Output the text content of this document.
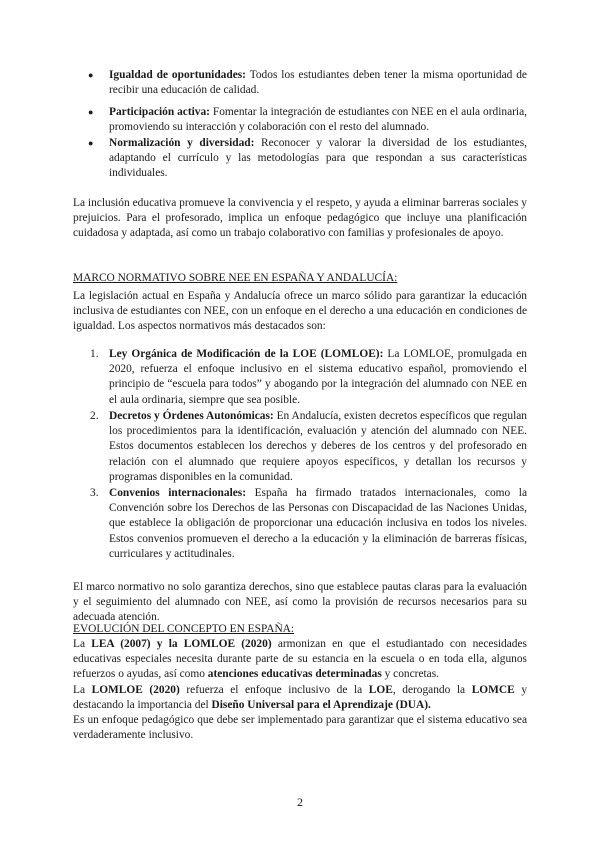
● Igualdad de oportunidades: Todos los estudiantes deben tener la misma oportunidad de recibir una educación de calidad.

● Participación activa: Fomentar la integración de estudiantes con NEE en el aula ordinaria, promoviendo su interacción y colaboración con el resto del alumnado.

● Normalización y diversidad: Reconocer y valorar la diversidad de los estudiantes, adaptando el currículo y las metodologías para que respondan a sus características individuales.

La inclusión educativa promueve la convivencia y el respeto, y ayuda a eliminar barreras sociales y prejuicios. Para el profesorado, implica un enfoque pedagógico que incluye una planificación cuidadosa y adaptada, así como un trabajo colaborativo con familias y profesionales de apoyo.

MARCO NORMATIVO SOBRE NEE EN ESPAÑA Y ANDALUCÍA:

La legislación actual en España y Andalucía ofrece un marco sólido para garantizar la educación inclusiva de estudiantes con NEE, con un enfoque en el derecho a una educación en condiciones de igualdad. Los aspectos normativos más destacados son:

1. Ley Orgánica de Modificación de la LOE (LOMLOE): La LOMLOE, promulgada en 2020, refuerza el enfoque inclusivo en el sistema educativo español, promoviendo el principio de “escuela para todos” y abogando por la integración del alumnado con NEE en el aula ordinaria, siempre que sea posible.

2. Decretos y Órdenes Autonómicas: En Andalucía, existen decretos específicos que regulan los procedimientos para la identificación, evaluación y atención del alumnado con NEE. Estos documentos establecen los derechos y deberes de los centros y del profesorado en relación con el alumnado que requiere apoyos específicos, y detallan los recursos y programas disponibles en la comunidad.

3. Convenios internacionales: España ha firmado tratados internacionales, como la Convención sobre los Derechos de las Personas con Discapacidad de las Naciones Unidas, que establece la obligación de proporcionar una educación inclusiva en todos los niveles. Estos convenios promueven el derecho a la educación y la eliminación de barreras físicas, curriculares y actitudinales.

El marco normativo no solo garantiza derechos, sino que establece pautas claras para la evaluación y el seguimiento del alumnado con NEE, así como la provisión de recursos necesarios para su adecuada atención.

EVOLUCIÓN DEL CONCEPTO EN ESPAÑA:

La LEA (2007) y la LOMLOE (2020) armonizan en que el estudiantado con necesidades educativas especiales necesita durante parte de su estancia en la escuela o en toda ella, algunos refuerzos o ayudas, así como atenciones educativas determinadas y concretas.

La LOMLOE (2020) refuerza el enfoque inclusivo de la LOE, derogando la LOMCE y destacando la importancia del Diseño Universal para el Aprendizaje (DUA).

Es un enfoque pedagógico que debe ser implementado para garantizar que el sistema educativo sea verdaderamente inclusivo.

2
